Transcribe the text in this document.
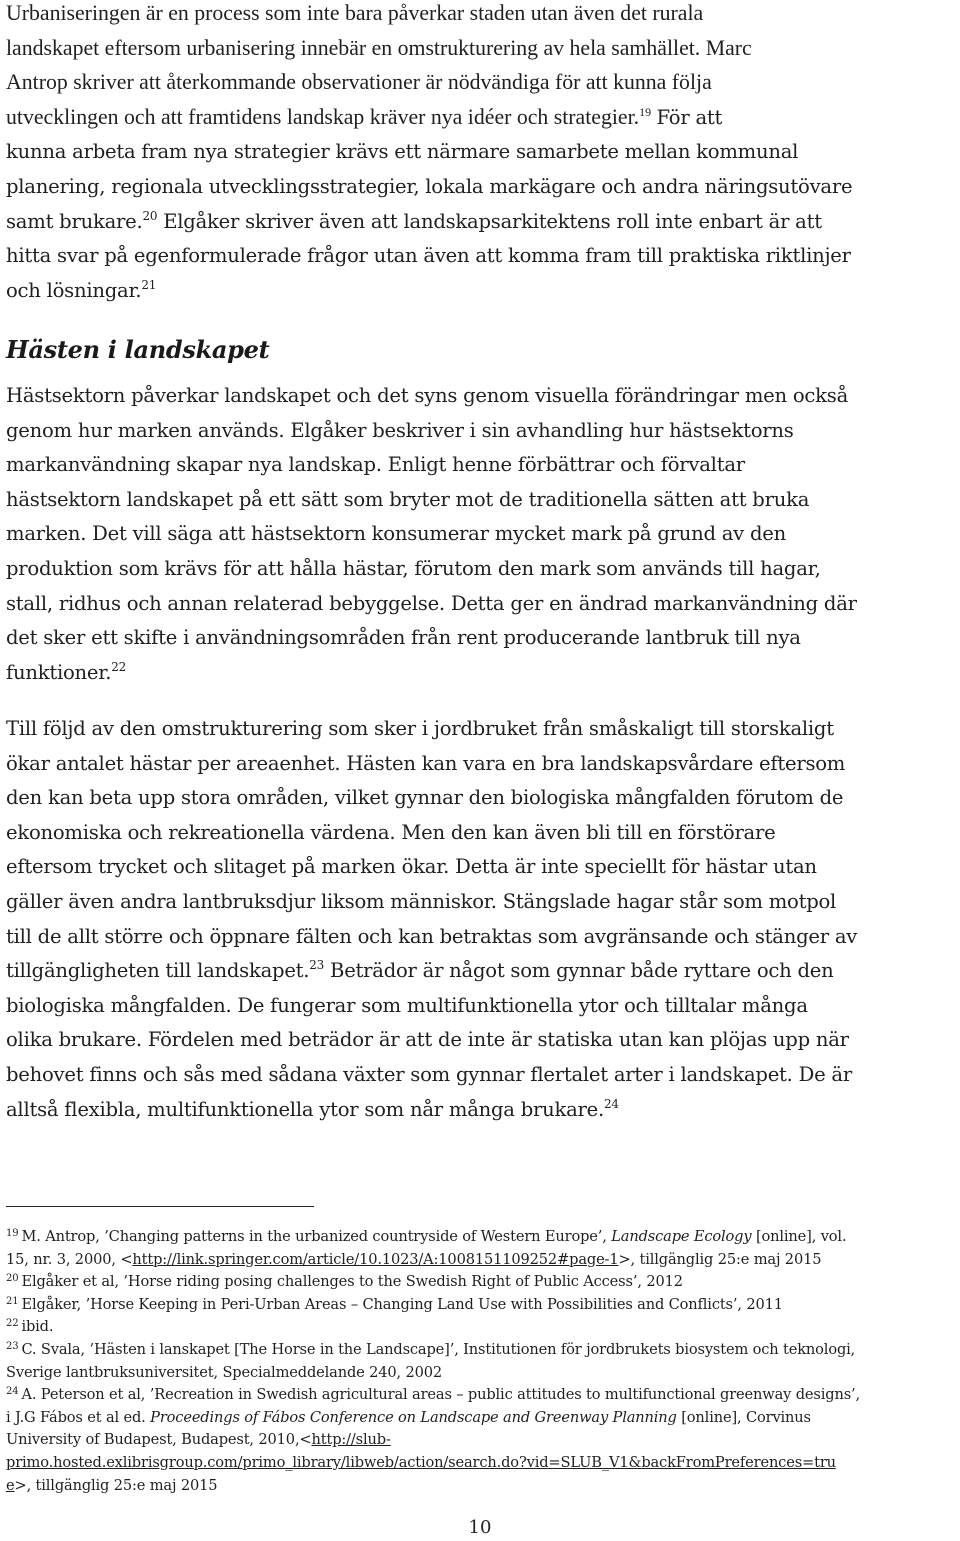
Urbaniseringen är en process som inte bara påverkar staden utan även det rurala
landskapet eftersom urbanisering innebär en omstrukturering av hela samhället. Marc
Antrop skriver att återkommande observationer är nödvändiga för att kunna följa
utvecklingen och att framtidens landskap kräver nya idéer och strategier.$^{19}$ För att
kunna arbeta fram nya strategier krävs ett närmare samarbete mellan kommunal
planering, regionala utvecklingsstrategier, lokala markägare och andra näringsutövare
samt brukare.$^{20}$ Elgåker skriver även att landskapsarkitektens roll inte enbart är att
hitta svar på egenformulerade frågor utan även att komma fram till praktiska riktlinjer
och lösningar.$^{21}$
Hästen i landskapet
Hästsektorn påverkar landskapet och det syns genom visuella förändringar men också
genom hur marken används. Elgåker beskriver i sin avhandling hur hästsektorns
markanvändning skapar nya landskap. Enligt henne förbättrar och förvaltar
hästsektorn landskapet på ett sätt som bryter mot de traditionella sätten att bruka
marken. Det vill säga att hästsektorn konsumerar mycket mark på grund av den
produktion som krävs för att hålla hästar, förutom den mark som används till hagar,
stall, ridhus och annan relaterad bebyggelse. Detta ger en ändrad markanvändning där
det sker ett skifte i användningsområden från rent producerande lantbruk till nya
funktioner.$^{22}$
Till följd av den omstrukturering som sker i jordbruket från småskaligt till storskaligt
ökar antalet hästar per areaenhet. Hästen kan vara en bra landskapsvårdare eftersom
den kan beta upp stora områden, vilket gynnar den biologiska mångfalden förutom de
ekonomiska och rekreationella värdena. Men den kan även bli till en förstörare
eftersom trycket och slitaget på marken ökar. Detta är inte speciellt för hästar utan
gäller även andra lantbruksdjur liksom människor. Stängslade hagar står som motpol
till de allt större och öppnare fälten och kan betraktas som avgränsande och stänger av
tillgängligheten till landskapet.$^{23}$ Beträdor är något som gynnar både ryttare och den
biologiska mångfalden. De fungerar som multifunktionella ytor och tilltalar många
olika brukare. Fördelen med beträdor är att de inte är statiska utan kan plöjas upp när
behovet finns och sås med sådana växter som gynnar flertalet arter i landskapet. De är
alltså flexibla, multifunktionella ytor som når många brukare.$^{24}$
$^{19}$ M. Antrop, ’Changing patterns in the urbanized countryside of Western Europe’, Landscape Ecology [online], vol.
15, nr. 3, 2000, <http://link.springer.com/article/10.1023/A:1008151109252#page-1>, tillgänglig 25:e maj 2015
$^{20}$ Elgåker et al, ’Horse riding posing challenges to the Swedish Right of Public Access’, 2012
$^{21}$ Elgåker, ’Horse Keeping in Peri-Urban Areas – Changing Land Use with Possibilities and Conflicts’, 2011
$^{22}$ ibid.
$^{23}$ C. Svala, ’Hästen i lanskapet [The Horse in the Landscape]’, Institutionen för jordbrukets biosystem och teknologi,
Sverige lantbruksuniversitet, Specialmeddelande 240, 2002
$^{24}$ A. Peterson et al, ’Recreation in Swedish agricultural areas – public attitudes to multifunctional greenway designs’,
i J.G Fábos et al ed. Proceedings of Fábos Conference on Landscape and Greenway Planning [online], Corvinus
University of Budapest, Budapest, 2010,<http://slub-
primo.hosted.exlibrisgroup.com/primo_library/libweb/action/search.do?vid=SLUB_V1&backFromPreferences=tru
e>, tillgänglig 25:e maj 2015
10
